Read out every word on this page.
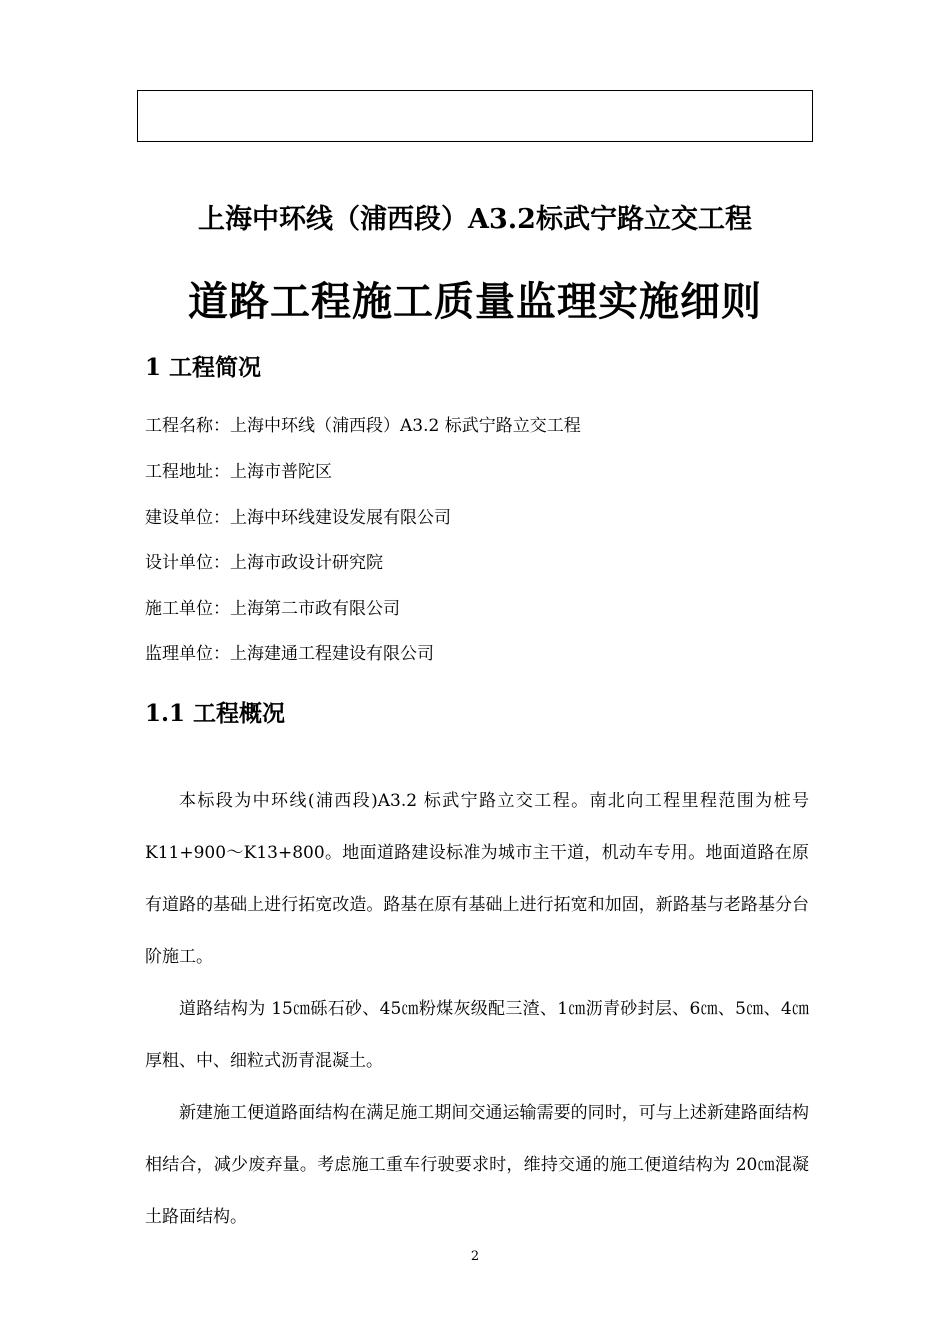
上海中环线（浦西段）A3.2标武宁路立交工程
道路工程施工质量监理实施细则
1 工程简况
工程名称：上海中环线（浦西段）A3.2 标武宁路立交工程
工程地址：上海市普陀区
建设单位：上海中环线建设发展有限公司
设计单位：上海市政设计研究院
施工单位：上海第二市政有限公司
监理单位：上海建通工程建设有限公司
1.1 工程概况
本标段为中环线(浦西段)A3.2 标武宁路立交工程。南北向工程里程范围为桩号 K11+900～K13+800。地面道路建设标准为城市主干道，机动车专用。地面道路在原有道路的基础上进行拓宽改造。路基在原有基础上进行拓宽和加固，新路基与老路基分台阶施工。
道路结构为 15㎝砾石砂、45㎝粉煤灰级配三渣、1㎝沥青砂封层、6㎝、5㎝、4㎝厚粗、中、细粒式沥青混凝土。
新建施工便道路面结构在满足施工期间交通运输需要的同时，可与上述新建路面结构相结合，减少废弃量。考虑施工重车行驶要求时，维持交通的施工便道结构为 20㎝混凝土路面结构。
2
